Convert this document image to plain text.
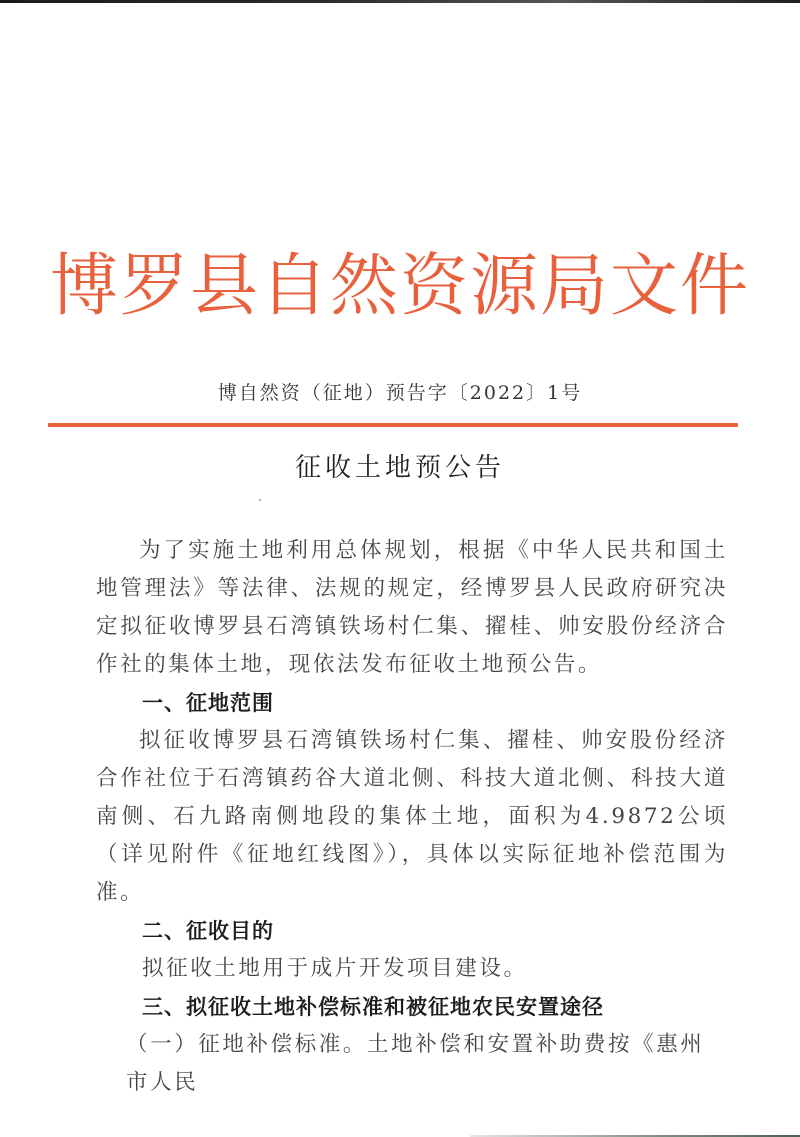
博罗县自然资源局文件
博自然资（征地）预告字〔2022〕1号
征收土地预公告

为了实施土地利用总体规划，根据《中华人民共和国土地管理法》等法律、法规的规定，经博罗县人民政府研究决定拟征收博罗县石湾镇铁场村仁集、擢桂、帅安股份经济合作社的集体土地，现依法发布征收土地预公告。

一、征地范围

拟征收博罗县石湾镇铁场村仁集、擢桂、帅安股份经济合作社位于石湾镇药谷大道北侧、科技大道北侧、科技大道南侧、石九路南侧地段的集体土地，面积为4.9872公顷（详见附件《征地红线图》），具体以实际征地补偿范围为准。

二、征收目的

拟征收土地用于成片开发项目建设。

三、拟征收土地补偿标准和被征地农民安置途径

（一）征地补偿标准。土地补偿和安置补助费按《惠州市人民
